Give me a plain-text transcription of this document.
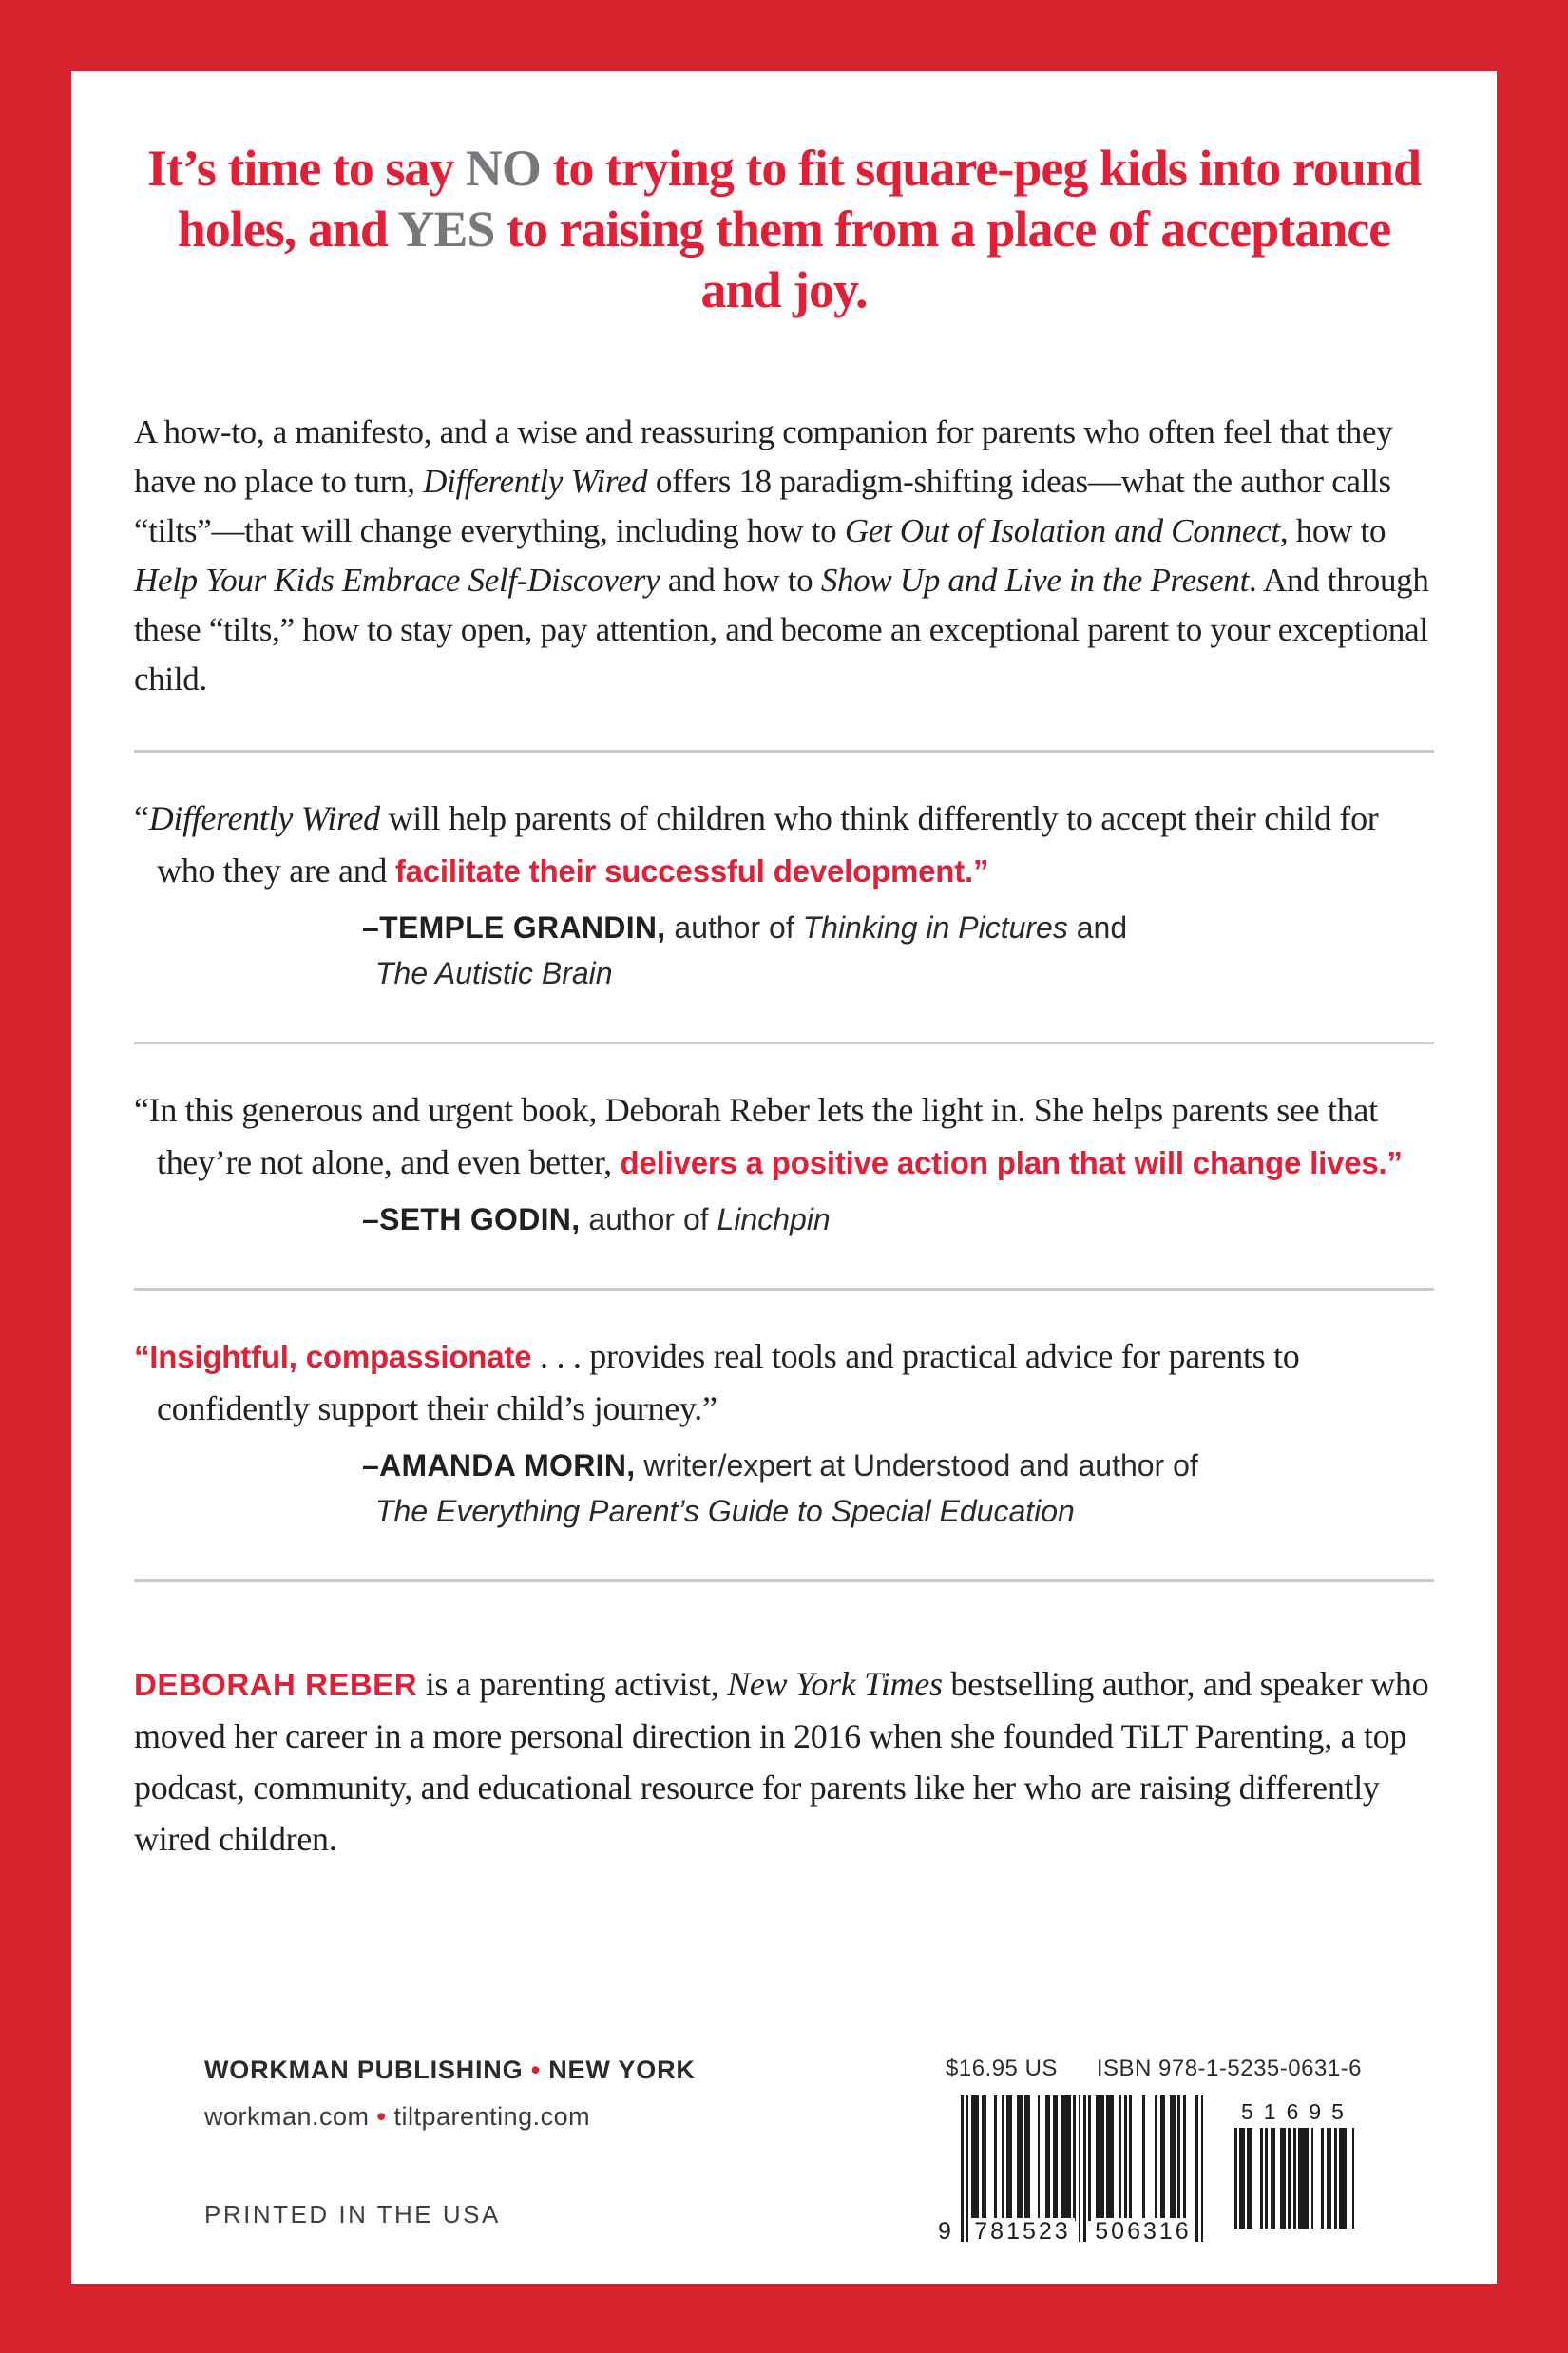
It’s time to say NO to trying to fit square-peg kids into round holes, and YES to raising them from a place of acceptance and joy.
A how-to, a manifesto, and a wise and reassuring companion for parents who often feel that they have no place to turn, Differently Wired offers 18 paradigm-shifting ideas—what the author calls “tilts”—that will change everything, including how to Get Out of Isolation and Connect, how to Help Your Kids Embrace Self-Discovery and how to Show Up and Live in the Present. And through these “tilts,” how to stay open, pay attention, and become an exceptional parent to your exceptional child.
“Differently Wired will help parents of children who think differently to accept their child for who they are and facilitate their successful development.”
–TEMPLE GRANDIN, author of Thinking in Pictures and
The Autistic Brain
“In this generous and urgent book, Deborah Reber lets the light in. She helps parents see that they’re not alone, and even better, delivers a positive action plan that will change lives.”
–SETH GODIN, author of Linchpin
“Insightful, compassionate . . . provides real tools and practical advice for parents to confidently support their child’s journey.”
–AMANDA MORIN, writer/expert at Understood and author of
The Everything Parent’s Guide to Special Education
DEBORAH REBER is a parenting activist, New York Times bestselling author, and speaker who moved her career in a more personal direction in 2016 when she founded TiLT Parenting, a top podcast, community, and educational resource for parents like her who are raising differently wired children.
WORKMAN PUBLISHING • NEW YORK
workman.com • tiltparenting.com
PRINTED IN THE USA
$16.95 US ISBN 978-1-5235-0631-6
9 781523 506316
51695
